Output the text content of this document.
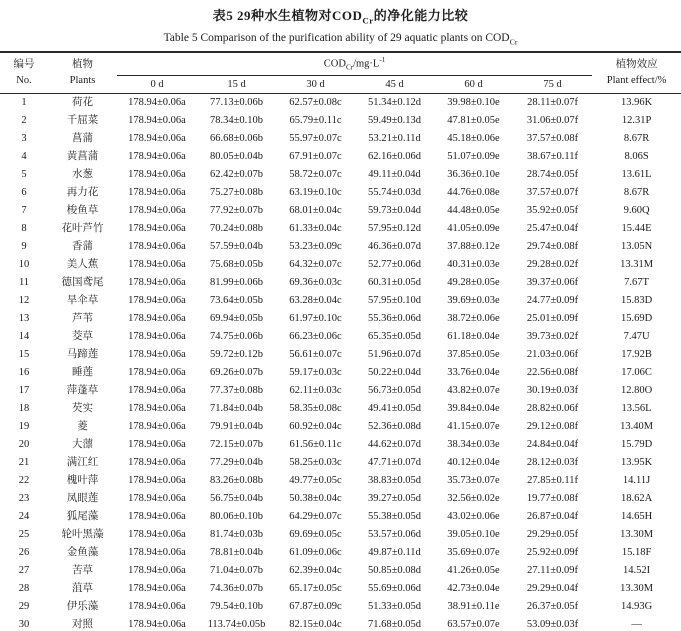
表5 29种水生植物对$COD_{Cr}$的净化能力比较
Table 5 Comparison of the purification ability of 29 aquatic plants on $COD_{Cr}$
编号
No.	植物
Plants	$COD_{Cr}/mg\cdot L^{-1}$						植物效应
Plant effect/%

		0 d	15 d	30 d	45 d	60 d	75 d	
1	荷花	178.94±0.06a	77.13±0.06b	62.57±0.08c	51.34±0.12d	39.98±0.10e	28.11±0.07f	13.96K
2	千屈菜	178.94±0.06a	78.34±0.10b	65.79±0.11c	59.49±0.13d	47.81±0.05e	31.06±0.07f	12.31P
3	菖蒲	178.94±0.06a	66.68±0.06b	55.97±0.07c	53.21±0.11d	45.18±0.06e	37.57±0.08f	8.67R
4	黄菖蒲	178.94±0.06a	80.05±0.04b	67.91±0.07c	62.16±0.06d	51.07±0.09e	38.67±0.11f	8.06S
5	水葱	178.94±0.06a	62.42±0.07b	58.72±0.07c	49.11±0.04d	36.36±0.10e	28.74±0.05f	13.61L
6	再力花	178.94±0.06a	75.27±0.08b	63.19±0.10c	55.74±0.03d	44.76±0.08e	37.57±0.07f	8.67R
7	梭鱼草	178.94±0.06a	77.92±0.07b	68.01±0.04c	59.73±0.04d	44.48±0.05e	35.92±0.05f	9.60Q
8	花叶芦竹	178.94±0.06a	70.24±0.08b	61.33±0.04c	57.95±0.12d	41.05±0.09e	25.47±0.04f	15.44E
9	香蒲	178.94±0.06a	57.59±0.04b	53.23±0.09c	46.36±0.07d	37.88±0.12e	29.74±0.08f	13.05N
10	美人蕉	178.94±0.06a	75.68±0.05b	64.32±0.07c	52.77±0.06d	40.31±0.03e	29.28±0.02f	13.31M
11	德国鸢尾	178.94±0.06a	81.99±0.06b	69.36±0.03c	60.31±0.05d	49.28±0.05e	39.37±0.06f	7.67T
12	旱伞草	178.94±0.06a	73.64±0.05b	63.28±0.04c	57.95±0.10d	39.69±0.03e	24.77±0.09f	15.83D
13	芦苇	178.94±0.06a	69.94±0.05b	61.97±0.10c	55.36±0.06d	38.72±0.06e	25.01±0.09f	15.69D
14	茭草	178.94±0.06a	74.75±0.06b	66.23±0.06c	65.35±0.05d	61.18±0.04e	39.73±0.02f	7.47U
15	马蹄莲	178.94±0.06a	59.72±0.12b	56.61±0.07c	51.96±0.07d	37.85±0.05e	21.03±0.06f	17.92B
16	睡莲	178.94±0.06a	69.26±0.07b	59.17±0.03c	50.22±0.04d	33.76±0.04e	22.56±0.08f	17.06C
17	萍蓬草	178.94±0.06a	77.37±0.08b	62.11±0.03c	56.73±0.05d	43.82±0.07e	30.19±0.03f	12.80O
18	芡实	178.94±0.06a	71.84±0.04b	58.35±0.08c	49.41±0.05d	39.84±0.04e	28.82±0.06f	13.56L
19	菱	178.94±0.06a	79.91±0.04b	60.92±0.04c	52.36±0.08d	41.15±0.07e	29.12±0.08f	13.40M
20	大薸	178.94±0.06a	72.15±0.07b	61.56±0.11c	44.62±0.07d	38.34±0.03e	24.84±0.04f	15.79D
21	满江红	178.94±0.06a	77.29±0.04b	58.25±0.03c	47.71±0.07d	40.12±0.04e	28.12±0.03f	13.95K
22	槐叶萍	178.94±0.06a	83.26±0.08b	49.77±0.05c	38.83±0.05d	35.73±0.07e	27.85±0.11f	14.11J
23	凤眼莲	178.94±0.06a	56.75±0.04b	50.38±0.04c	39.27±0.05d	32.56±0.02e	19.77±0.08f	18.62A
24	狐尾藻	178.94±0.06a	80.06±0.10b	64.29±0.07c	55.38±0.05d	43.02±0.06e	26.87±0.04f	14.65H
25	轮叶黑藻	178.94±0.06a	81.74±0.03b	69.69±0.05c	53.57±0.06d	39.05±0.10e	29.29±0.05f	13.30M
26	金鱼藻	178.94±0.06a	78.81±0.04b	61.09±0.06c	49.87±0.11d	35.69±0.07e	25.92±0.09f	15.18F
27	苦草	178.94±0.06a	71.04±0.07b	62.39±0.04c	50.85±0.08d	41.26±0.05e	27.11±0.09f	14.52I
28	菹草	178.94±0.06a	74.36±0.07b	65.17±0.05c	55.69±0.06d	42.73±0.04e	29.29±0.04f	13.30M
29	伊乐藻	178.94±0.06a	79.54±0.10b	67.87±0.09c	51.33±0.05d	38.91±0.11e	26.37±0.05f	14.93G
30	对照	178.94±0.06a	113.74±0.05b	82.15±0.04c	71.68±0.05d	63.57±0.07e	53.09±0.03f	—
